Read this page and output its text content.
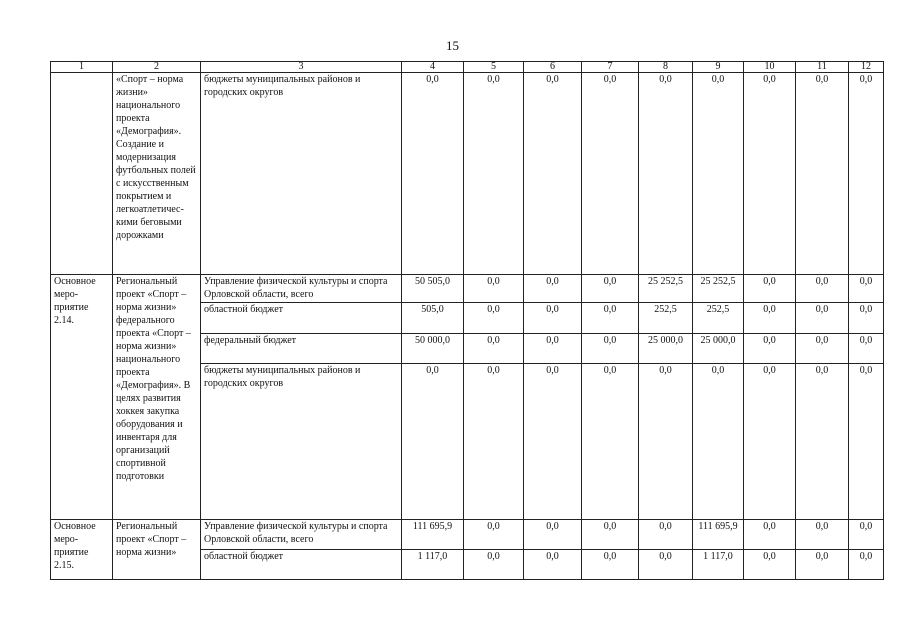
15
1	2	3	4	5	6	7	8	9	10	11	12
	«Спорт – норма жизни» национального проекта «Демография». Создание и модернизация футбольных полей с искусственным покрытием и легкоатлетичес-кими беговыми дорожками	бюджеты муниципальных районов и городских округов	0,0	0,0	0,0	0,0	0,0	0,0	0,0	0,0	0,0
Основное меро-приятие 2.14.	Региональный проект «Спорт – норма жизни» федерального проекта «Спорт – норма жизни» национального проекта «Демография». В целях развития хоккея закупка оборудования и инвентаря для организаций спортивной подготовки	Управление физической культуры и спорта Орловской области, всего	50 505,0	0,0	0,0	0,0	25 252,5	25 252,5	0,0	0,0	0,0
		областной бюджет	505,0	0,0	0,0	0,0	252,5	252,5	0,0	0,0	0,0
		федеральный бюджет	50 000,0	0,0	0,0	0,0	25 000,0	25 000,0	0,0	0,0	0,0
		бюджеты муниципальных районов и городских округов	0,0	0,0	0,0	0,0	0,0	0,0	0,0	0,0	0,0
Основное меро-приятие 2.15.	Региональный проект «Спорт – норма жизни»	Управление физической культуры и спорта Орловской области, всего	111 695,9	0,0	0,0	0,0	0,0	111 695,9	0,0	0,0	0,0
		областной бюджет	1 117,0	0,0	0,0	0,0	0,0	1 117,0	0,0	0,0	0,0
